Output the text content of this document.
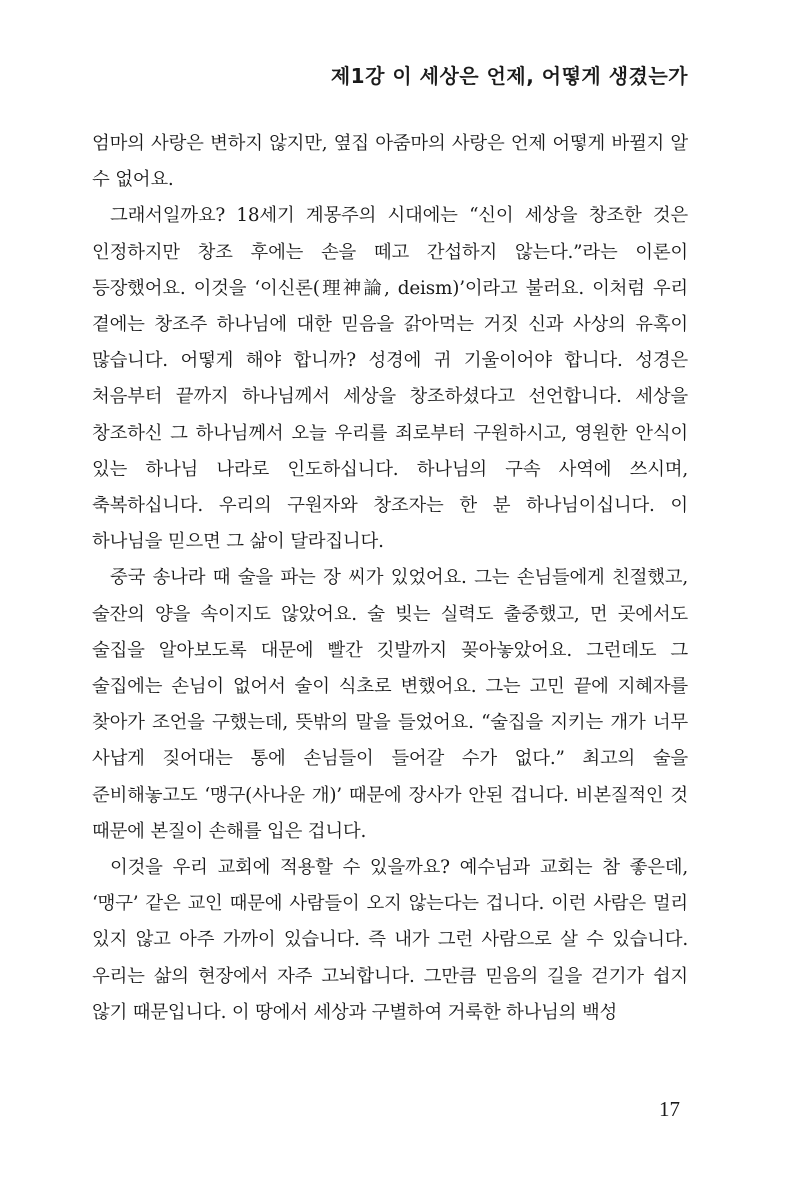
제1강 이 세상은 언제, 어떻게 생겼는가

엄마의 사랑은 변하지 않지만, 옆집 아줌마의 사랑은 언제 어떻게 바뀔지 알 수 없어요.

그래서일까요? 18세기 계몽주의 시대에는 “신이 세상을 창조한 것은 인정하지만 창조 후에는 손을 떼고 간섭하지 않는다.”라는 이론이 등장했어요. 이것을 ‘이신론(理神論, deism)’이라고 불러요. 이처럼 우리 곁에는 창조주 하나님에 대한 믿음을 갉아먹는 거짓 신과 사상의 유혹이 많습니다. 어떻게 해야 합니까? 성경에 귀 기울이어야 합니다. 성경은 처음부터 끝까지 하나님께서 세상을 창조하셨다고 선언합니다. 세상을 창조하신 그 하나님께서 오늘 우리를 죄로부터 구원하시고, 영원한 안식이 있는 하나님 나라로 인도하십니다. 하나님의 구속 사역에 쓰시며, 축복하십니다. 우리의 구원자와 창조자는 한 분 하나님이십니다. 이 하나님을 믿으면 그 삶이 달라집니다.

중국 송나라 때 술을 파는 장 씨가 있었어요. 그는 손님들에게 친절했고, 술잔의 양을 속이지도 않았어요. 술 빚는 실력도 출중했고, 먼 곳에서도 술집을 알아보도록 대문에 빨간 깃발까지 꽂아놓았어요. 그런데도 그 술집에는 손님이 없어서 술이 식초로 변했어요. 그는 고민 끝에 지혜자를 찾아가 조언을 구했는데, 뜻밖의 말을 들었어요. “술집을 지키는 개가 너무 사납게 짖어대는 통에 손님들이 들어갈 수가 없다.” 최고의 술을 준비해놓고도 ‘맹구(사나운 개)’ 때문에 장사가 안된 겁니다. 비본질적인 것 때문에 본질이 손해를 입은 겁니다.

이것을 우리 교회에 적용할 수 있을까요? 예수님과 교회는 참 좋은데, ‘맹구’ 같은 교인 때문에 사람들이 오지 않는다는 겁니다. 이런 사람은 멀리 있지 않고 아주 가까이 있습니다. 즉 내가 그런 사람으로 살 수 있습니다. 우리는 삶의 현장에서 자주 고뇌합니다. 그만큼 믿음의 길을 걷기가 쉽지 않기 때문입니다. 이 땅에서 세상과 구별하여 거룩한 하나님의 백성

17
